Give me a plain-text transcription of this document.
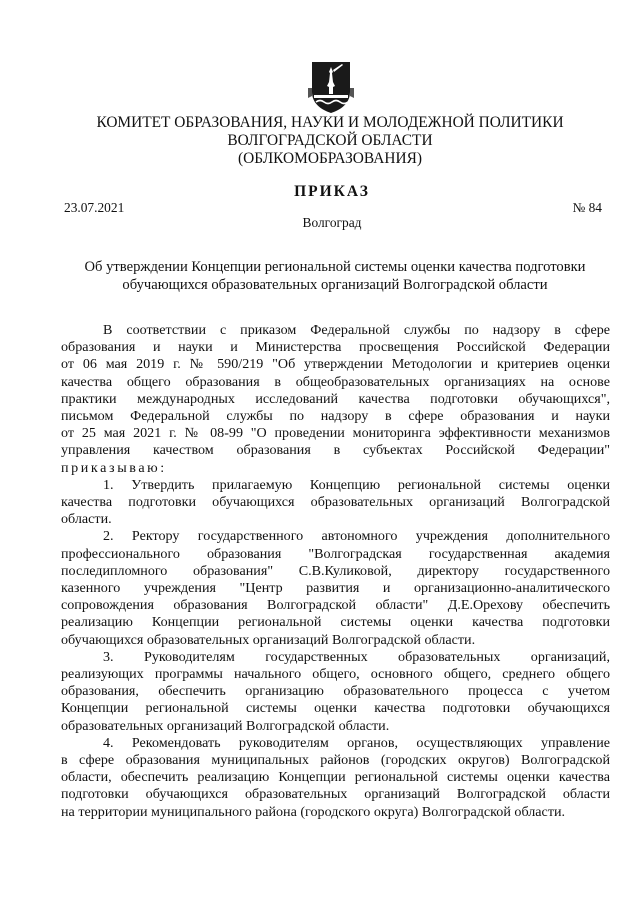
КОМИТЕТ ОБРАЗОВАНИЯ, НАУКИ И МОЛОДЕЖНОЙ ПОЛИТИКИ
ВОЛГОГРАДСКОЙ ОБЛАСТИ
(ОБЛКОМОБРАЗОВАНИЯ)
ПРИКАЗ
23.07.2021	№ 84
Волгоград
Об утверждении Концепции региональной системы оценки качества подготовки
обучающихся образовательных организаций Волгоградской области
В соответствии с приказом Федеральной службы по надзору в сфере
образования и науки и Министерства просвещения Российской Федерации
от 06 мая 2019 г. № 590/219 "Об утверждении Методологии и критериев оценки
качества общего образования в общеобразовательных организациях на основе
практики международных исследований качества подготовки обучающихся",
письмом Федеральной службы по надзору в сфере образования и науки
от 25 мая 2021 г. № 08-99 "О проведении мониторинга эффективности механизмов
управления качеством образования в субъектах Российской Федерации"
приказываю:
1. Утвердить прилагаемую Концепцию региональной системы оценки
качества подготовки обучающихся образовательных организаций Волгоградской
области.
2. Ректору государственного автономного учреждения дополнительного
профессионального образования "Волгоградская государственная академия
последипломного образования" С.В.Куликовой, директору государственного
казенного учреждения "Центр развития и организационно-аналитического
сопровождения образования Волгоградской области" Д.Е.Орехову обеспечить
реализацию Концепции региональной системы оценки качества подготовки
обучающихся образовательных организаций Волгоградской области.
3. Руководителям государственных образовательных организаций,
реализующих программы начального общего, основного общего, среднего общего
образования, обеспечить организацию образовательного процесса с учетом
Концепции региональной системы оценки качества подготовки обучающихся
образовательных организаций Волгоградской области.
4. Рекомендовать руководителям органов, осуществляющих управление
в сфере образования муниципальных районов (городских округов) Волгоградской
области, обеспечить реализацию Концепции региональной системы оценки качества
подготовки обучающихся образовательных организаций Волгоградской области
на территории муниципального района (городского округа) Волгоградской области.
